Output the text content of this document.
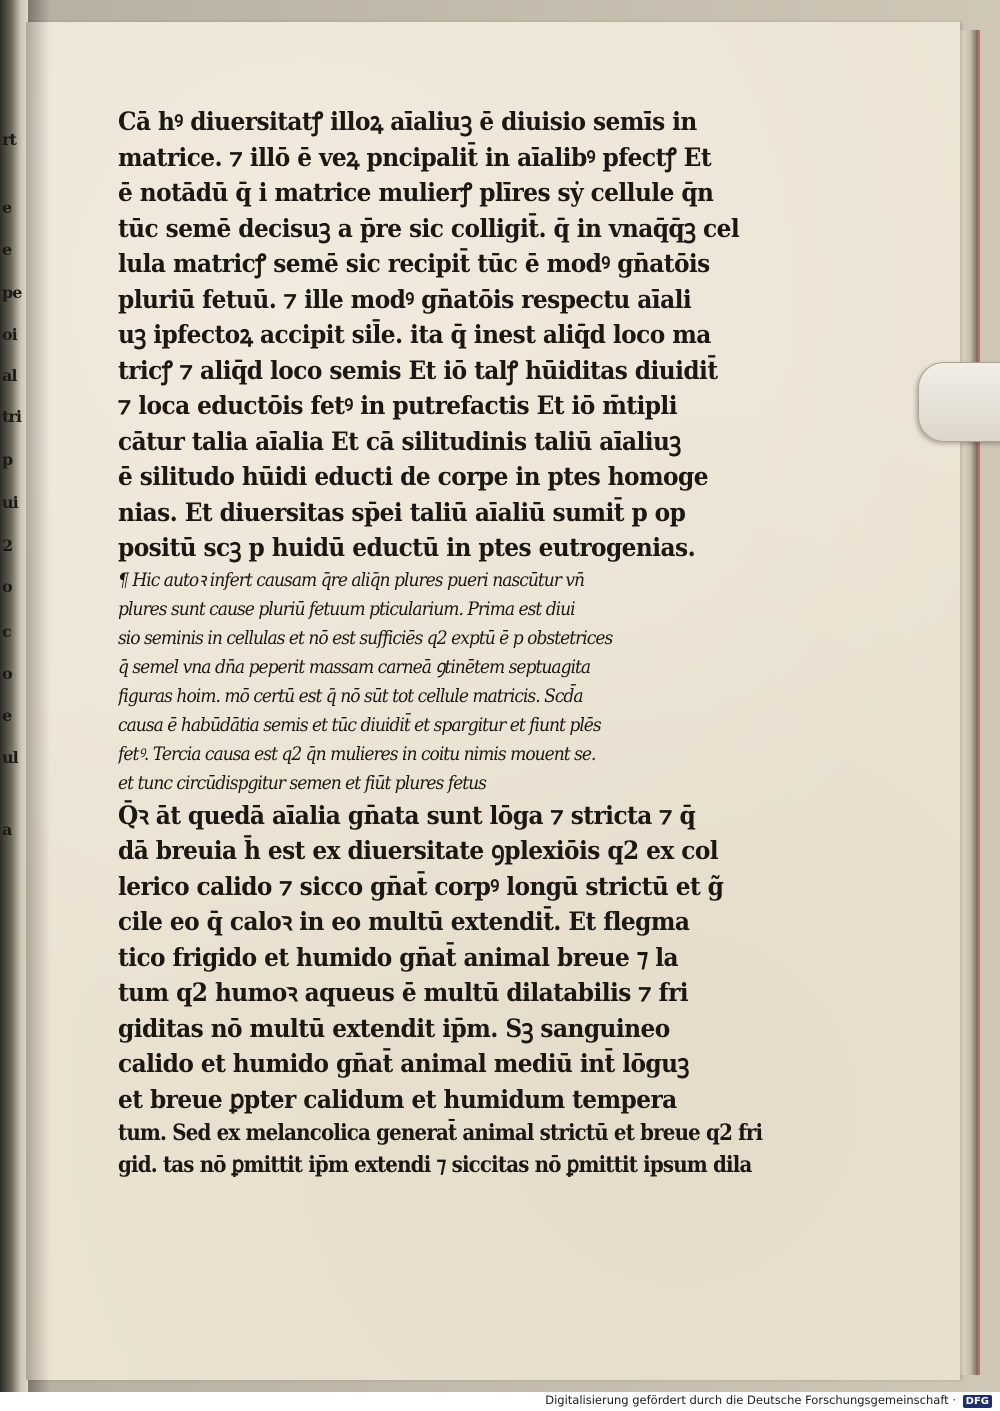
rt
e
e
pe
oi
al
tri
p
ui
2
o
c
o
e
ul
a
Cā hꝰ diuersitatꝭ illoꝝ aīaliuꝫ ē diuisio semīs in
matrice. ⁊ illō ē veꝝ pncipalit̄ in aīalibꝰ pfectꝭ Et
ē notādū q̄ i matrice mulierꝭ plīres sẏ cellule q̄n
tūc semē decisuꝫ a p̄re sic colligit̄. q̄ in vnaq̄q̄ꝫ cel
lula matricꝭ semē sic recipit̄ tūc ē modꝰ gn̄atōis
pluriū fetuū. ⁊ ille modꝰ gn̄atōis respectu aīali
uꝫ ipfectoꝝ accipit sil̄e. ita q̄ inest aliq̄d loco ma
tricꝭ ⁊ aliq̄d loco semis Et iō talꝭ hūiditas diuidit̄
⁊ loca eductōis fetꝰ in putrefactis Et iō m̄tipli
cātur talia aīalia Et cā silitudinis taliū aīaliuꝫ
ē silitudo hūidi educti de corpe in ptes homoge
nias. Et diuersitas sp̄ei taliū aīaliū sumit̄ p op
positū scꝫ p huidū eductū in ptes eutrogenias.
¶ Hic autoꝛ infert causam q̄re aliq̄n plures pueri nascūtur vn̄
plures sunt cause pluriū fetuum pticularium. Prima est diui
sio seminis in cellulas et nō est sufficiēs q2 exptū ē p obstetrices
q̄ semel vna dn̄a peperit massam carneā ꝯtinētem septuagita
figuras hoim. mō certū est q̄ nō sūt tot cellule matricis. Scd̄a
causa ē habūdātia semis et tūc diuidit̄ et spargitur et fiunt plēs
fetꝰ. Tercia causa est q2 q̄n mulieres in coitu nimis mouent se.
et tunc circūdispgitur semen et fiūt plures fetus
Q̄ꝛ āt quedā aīalia gn̄ata sunt lōga ⁊ stricta ⁊ q̄
dā breuia h̄ est ex diuersitate ꝯplexiōis q2 ex col
lerico calido ⁊ sicco gn̄at̄ corpꝰ longū strictū et g̃
cile eo q̄ caloꝛ in eo multū extendit̄. Et flegma
tico frigido et humido gn̄at̄ animal breue ⁊ la
tum q2 humoꝛ aqueus ē multū dilatabilis ⁊ fri
giditas nō multū extendit ip̄m. Sꝫ sanguineo
calido et humido gn̄at̄ animal mediū int̄ lōguꝫ
et breue ꝑpter calidum et humidum tempera
tum. Sed ex melancolica generat̄ animal strictū et breue q2 fri
gid. tas nō ꝑmittit ip̄m extendi ⁊ siccitas nō ꝑmittit ipsum dila
Digitalisierung gefördert durch die Deutsche Forschungsgemeinschaft · DFG
